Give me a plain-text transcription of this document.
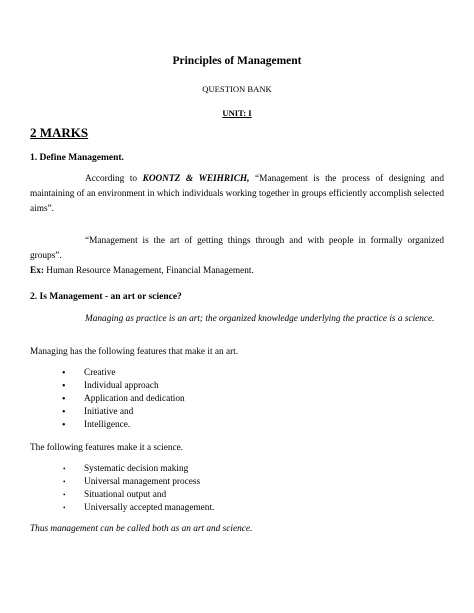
Principles of Management

QUESTION BANK

UNIT: I

2 MARKS

1. Define Management.

According to KOONTZ & WEIHRICH, “Management is the process of designing and maintaining of an environment in which individuals working together in groups efficiently accomplish selected aims”.

“Management is the art of getting things through and with people in formally organized groups”.

Ex: Human Resource Management, Financial Management.

2. Is Management - an art or science?

Managing as practice is an art; the organized knowledge underlying the practice is a science.

Managing has the following features that make it an art.

• Creative
• Individual approach
• Application and dedication
• Initiative and
• Intelligence.

The following features make it a science.

• Systematic decision making
• Universal management process
• Situational output and
• Universally accepted management.

Thus management can be called both as an art and science.
